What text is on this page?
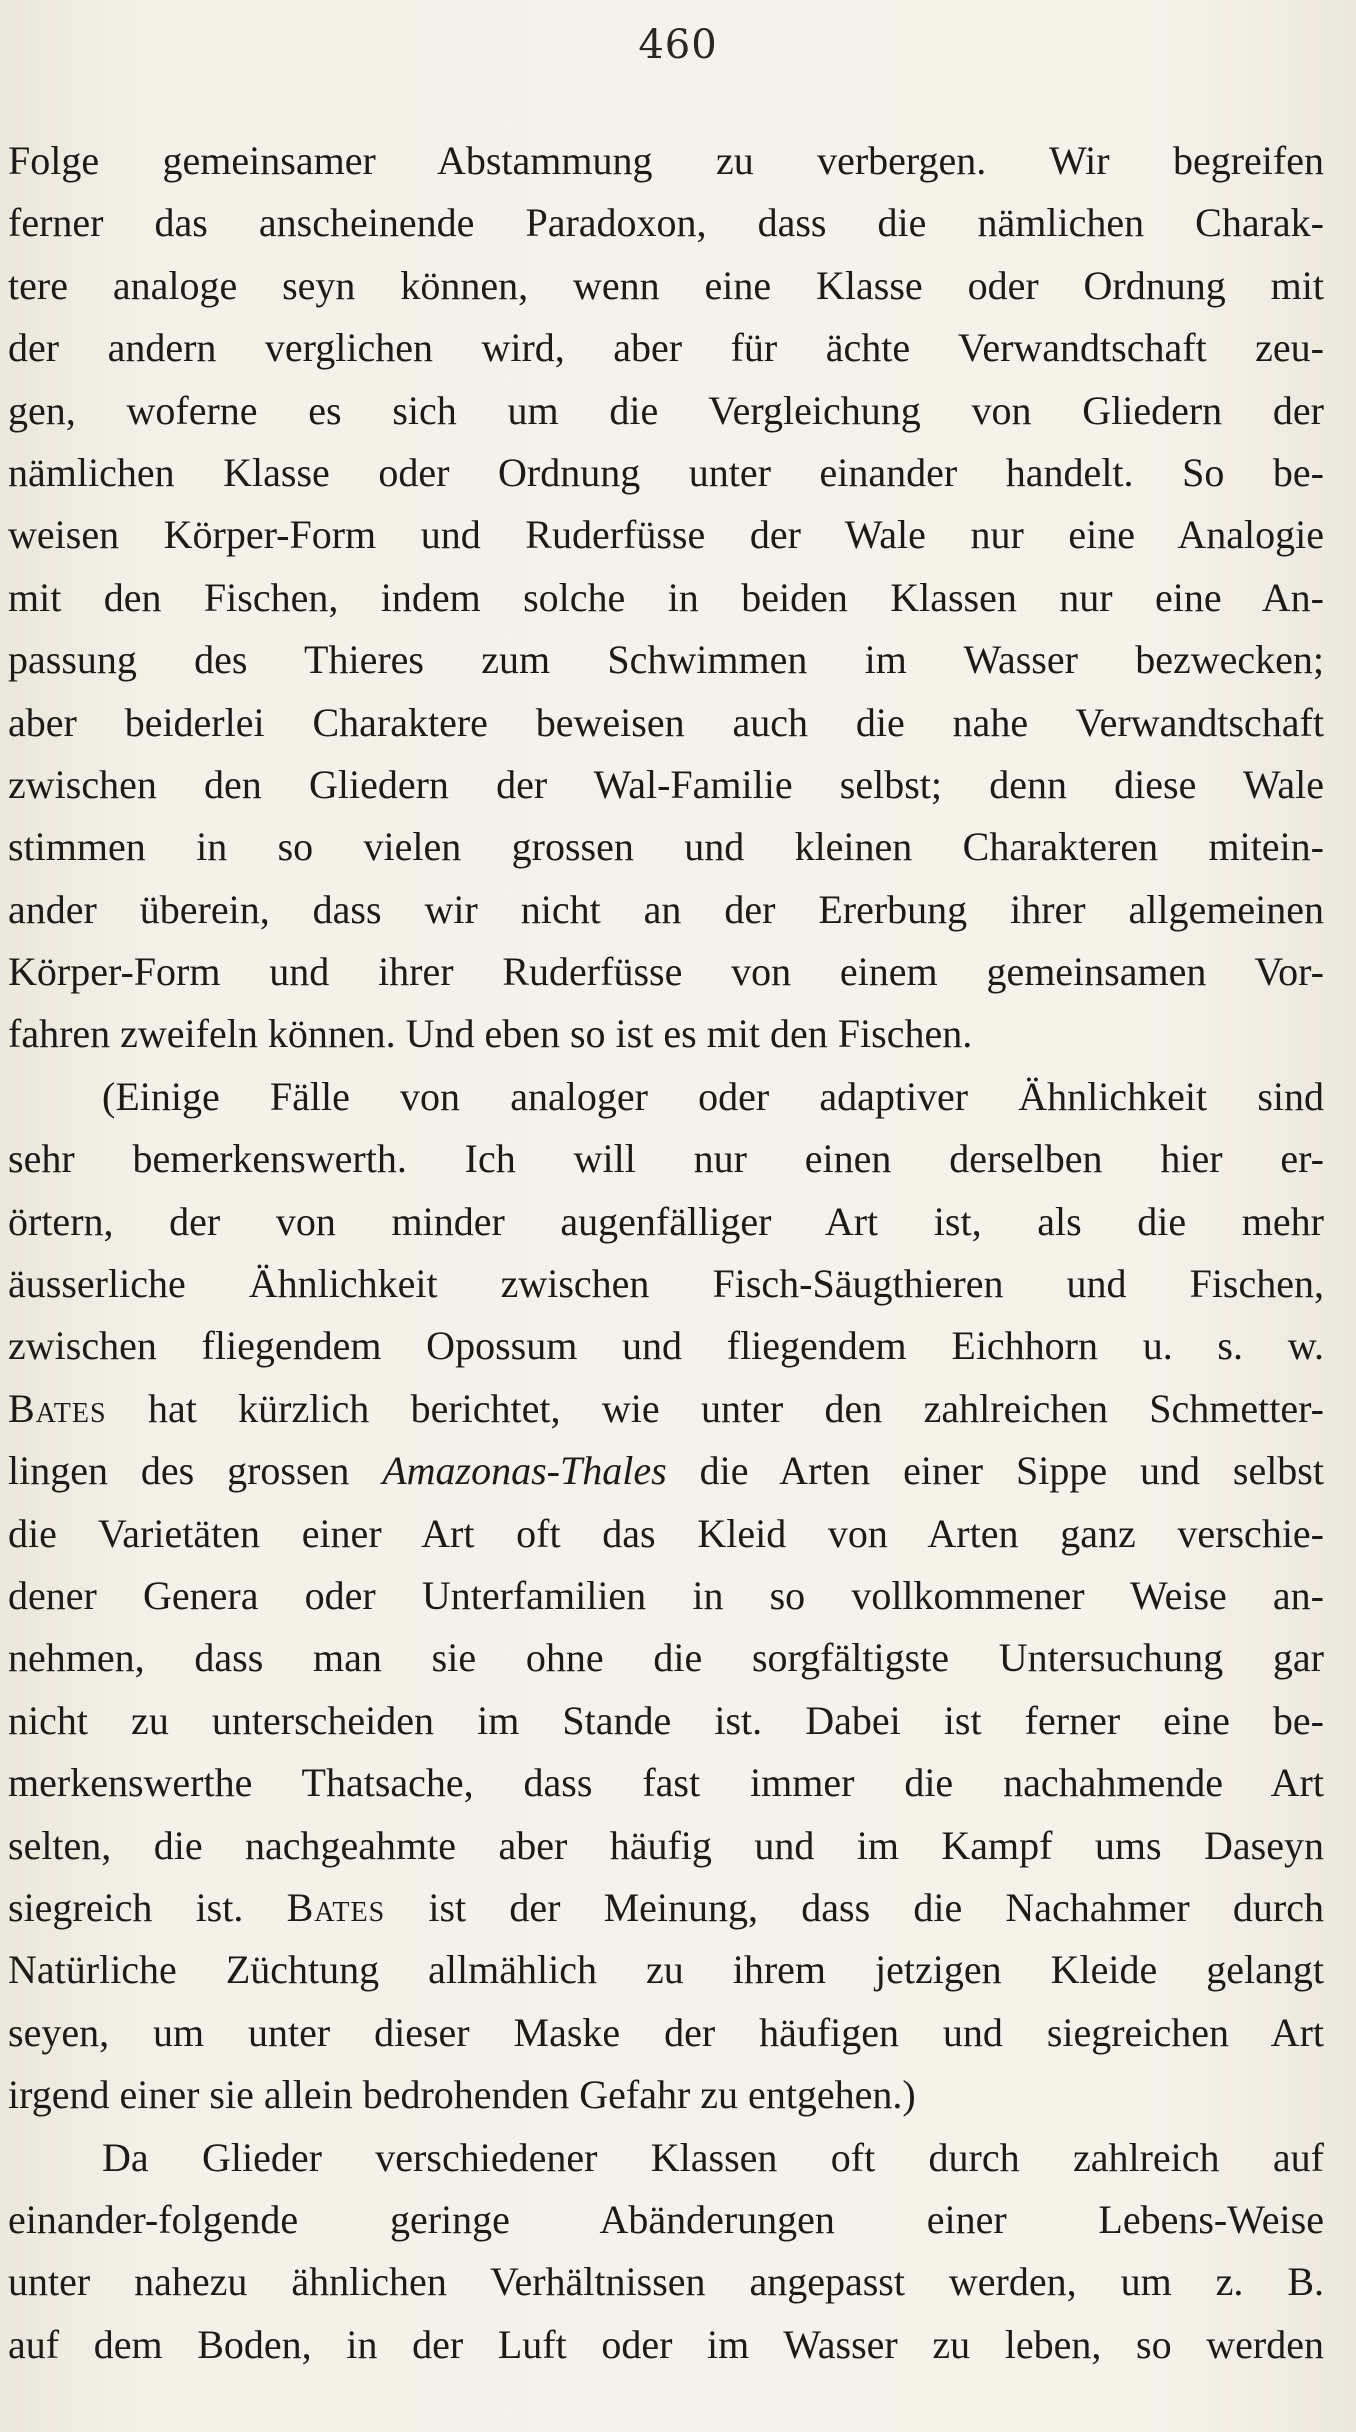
460
Folge gemeinsamer Abstammung zu verbergen. Wir begreifen
ferner das anscheinende Paradoxon, dass die nämlichen Charak-
tere analoge seyn können, wenn eine Klasse oder Ordnung mit
der andern verglichen wird, aber für ächte Verwandtschaft zeu-
gen, woferne es sich um die Vergleichung von Gliedern der
nämlichen Klasse oder Ordnung unter einander handelt. So be-
weisen Körper-Form und Ruderfüsse der Wale nur eine Analogie
mit den Fischen, indem solche in beiden Klassen nur eine An-
passung des Thieres zum Schwimmen im Wasser bezwecken;
aber beiderlei Charaktere beweisen auch die nahe Verwandtschaft
zwischen den Gliedern der Wal-Familie selbst; denn diese Wale
stimmen in so vielen grossen und kleinen Charakteren mitein-
ander überein, dass wir nicht an der Ererbung ihrer allgemeinen
Körper-Form und ihrer Ruderfüsse von einem gemeinsamen Vor-
fahren zweifeln können. Und eben so ist es mit den Fischen.
(Einige Fälle von analoger oder adaptiver Ähnlichkeit sind
sehr bemerkenswerth. Ich will nur einen derselben hier er-
örtern, der von minder augenfälliger Art ist, als die mehr
äusserliche Ähnlichkeit zwischen Fisch-Säugthieren und Fischen,
zwischen fliegendem Opossum und fliegendem Eichhorn u. s. w.
Bates hat kürzlich berichtet, wie unter den zahlreichen Schmetter-
lingen des grossen Amazonas-Thales die Arten einer Sippe und selbst
die Varietäten einer Art oft das Kleid von Arten ganz verschie-
dener Genera oder Unterfamilien in so vollkommener Weise an-
nehmen, dass man sie ohne die sorgfältigste Untersuchung gar
nicht zu unterscheiden im Stande ist. Dabei ist ferner eine be-
merkenswerthe Thatsache, dass fast immer die nachahmende Art
selten, die nachgeahmte aber häufig und im Kampf ums Daseyn
siegreich ist. Bates ist der Meinung, dass die Nachahmer durch
Natürliche Züchtung allmählich zu ihrem jetzigen Kleide gelangt
seyen, um unter dieser Maske der häufigen und siegreichen Art
irgend einer sie allein bedrohenden Gefahr zu entgehen.)
Da Glieder verschiedener Klassen oft durch zahlreich auf
einander-folgende geringe Abänderungen einer Lebens-Weise
unter nahezu ähnlichen Verhältnissen angepasst werden, um z. B.
auf dem Boden, in der Luft oder im Wasser zu leben, so werden
